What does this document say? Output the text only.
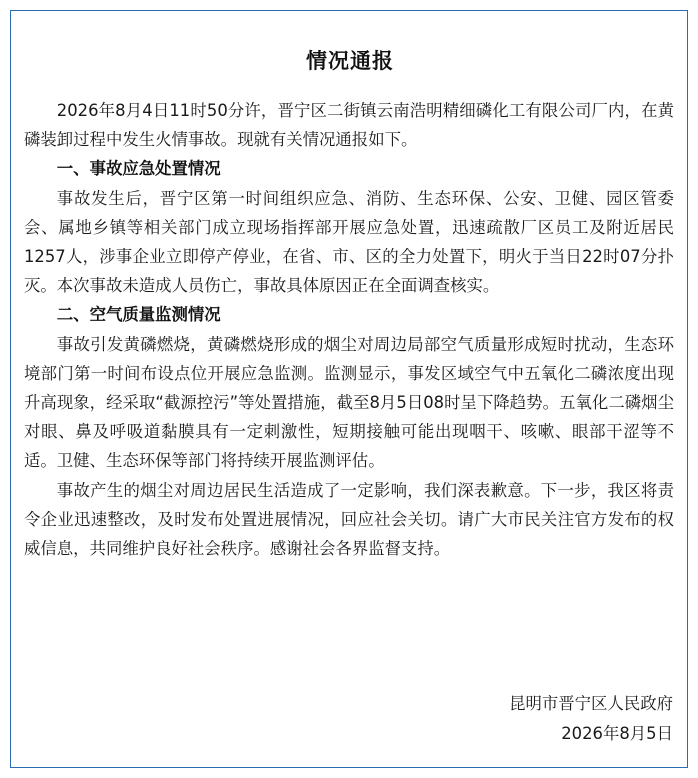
情况通报

2026年8月4日11时50分许，晋宁区二街镇云南浩明精细磷化工有限公司厂内，在黄磷装卸过程中发生火情事故。现就有关情况通报如下。

一、事故应急处置情况

事故发生后，晋宁区第一时间组织应急、消防、生态环保、公安、卫健、园区管委会、属地乡镇等相关部门成立现场指挥部开展应急处置，迅速疏散厂区员工及附近居民1257人，涉事企业立即停产停业，在省、市、区的全力处置下，明火于当日22时07分扑灭。本次事故未造成人员伤亡，事故具体原因正在全面调查核实。

二、空气质量监测情况

事故引发黄磷燃烧，黄磷燃烧形成的烟尘对周边局部空气质量形成短时扰动，生态环境部门第一时间布设点位开展应急监测。监测显示，事发区域空气中五氧化二磷浓度出现升高现象，经采取“截源控污”等处置措施，截至8月5日08时呈下降趋势。五氧化二磷烟尘对眼、鼻及呼吸道黏膜具有一定刺激性，短期接触可能出现咽干、咳嗽、眼部干涩等不适。卫健、生态环保等部门将持续开展监测评估。

事故产生的烟尘对周边居民生活造成了一定影响，我们深表歉意。下一步，我区将责令企业迅速整改，及时发布处置进展情况，回应社会关切。请广大市民关注官方发布的权威信息，共同维护良好社会秩序。感谢社会各界监督支持。

昆明市晋宁区人民政府
2026年8月5日
